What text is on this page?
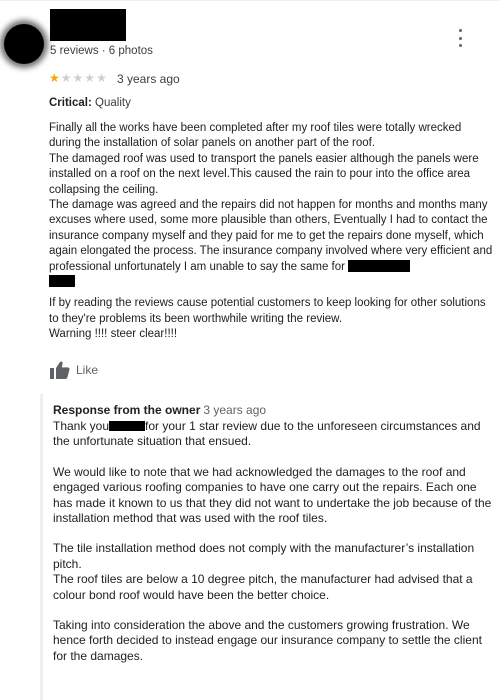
5 reviews · 6 photos
★★★★★ 3 years ago
Critical: Quality
Finally all the works have been completed after my roof tiles were totally wrecked during the installation of solar panels on another part of the roof.
The damaged roof was used to transport the panels easier although the panels were installed on a roof on the next level.This caused the rain to pour into the office area collapsing the ceiling.
The damage was agreed and the repairs did not happen for months and months many excuses where used, some more plausible than others, Eventually I had to contact the insurance company myself and they paid for me to get the repairs done myself, which again elongated the process. The insurance company involved where very efficient and professional unfortunately I am unable to say the same for

If by reading the reviews cause potential customers to keep looking for other solutions to they're problems its been worthwhile writing the review.
Warning !!!! steer clear!!!!
Like
Response from the owner 3 years ago
Thank you	for your 1 star review due to the unforeseen circumstances and the unfortunate situation that ensued.
We would like to note that we had acknowledged the damages to the roof and engaged various roofing companies to have one carry out the repairs. Each one has made it known to us that they did not want to undertake the job because of the installation method that was used with the roof tiles.
The tile installation method does not comply with the manufacturer’s installation pitch.
The roof tiles are below a 10 degree pitch, the manufacturer had advised that a colour bond roof would have been the better choice.
Taking into consideration the above and the customers growing frustration. We hence forth decided to instead engage our insurance company to settle the client for the damages.
